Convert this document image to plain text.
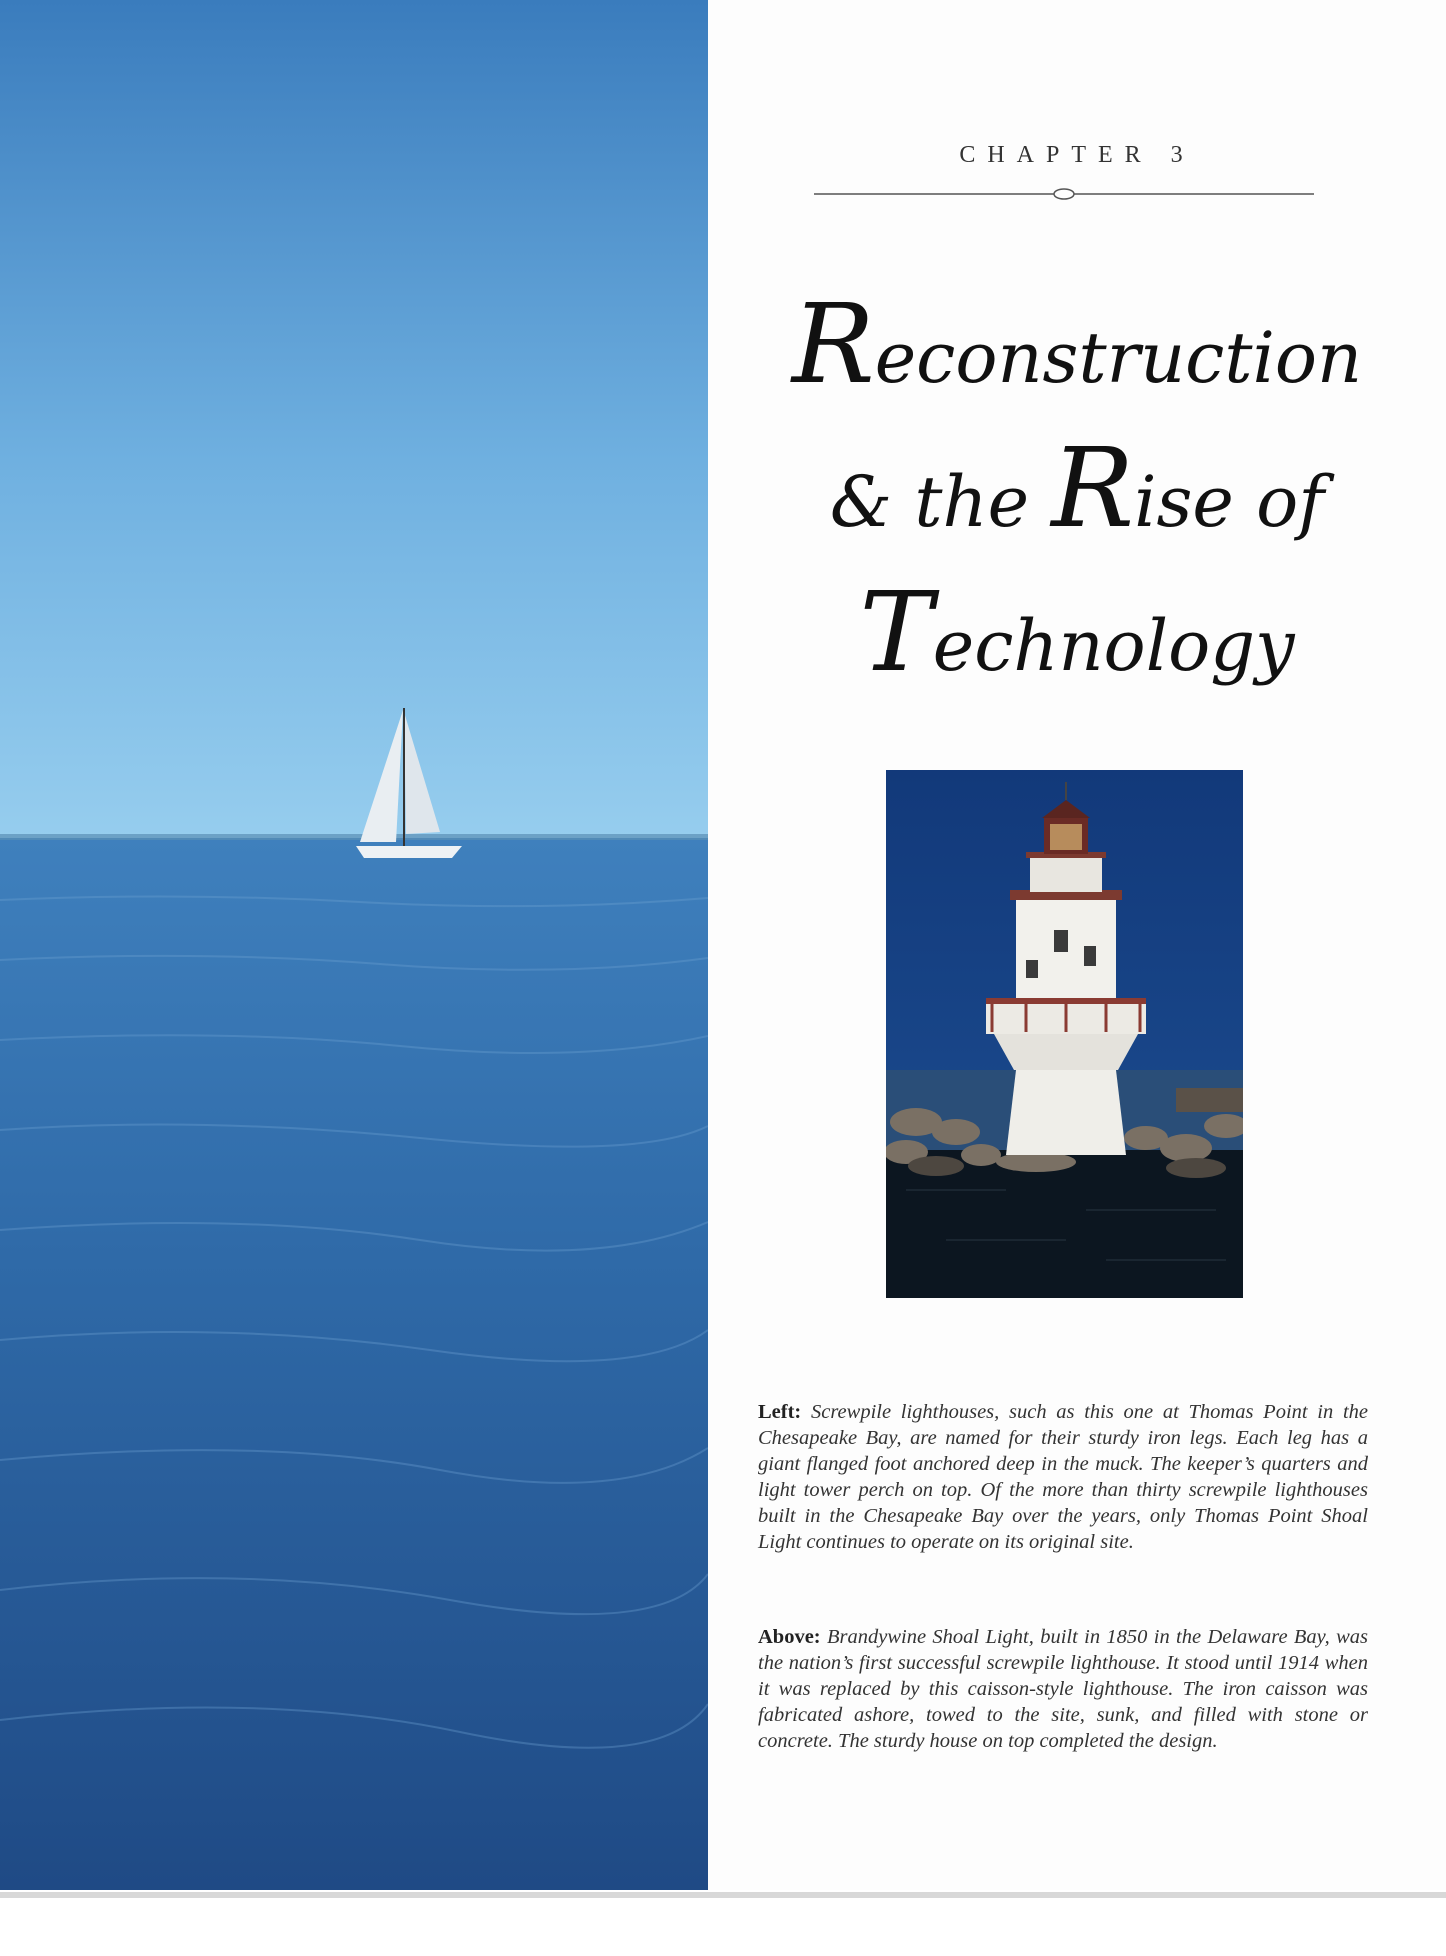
CHAPTER 3
Reconstruction
& the Rise of
Technology

Left: Screwpile lighthouses, such as this one at Thomas Point in the Chesapeake Bay, are named for their sturdy iron legs. Each leg has a giant flanged foot anchored deep in the muck. The keeper’s quarters and light tower perch on top. Of the more than thirty screwpile lighthouses built in the Chesapeake Bay over the years, only Thomas Point Shoal Light continues to operate on its original site.

Above: Brandywine Shoal Light, built in 1850 in the Delaware Bay, was the nation’s first successful screwpile lighthouse. It stood until 1914 when it was replaced by this caisson-style lighthouse. The iron caisson was fabricated ashore, towed to the site, sunk, and filled with stone or concrete. The sturdy house on top completed the design.
